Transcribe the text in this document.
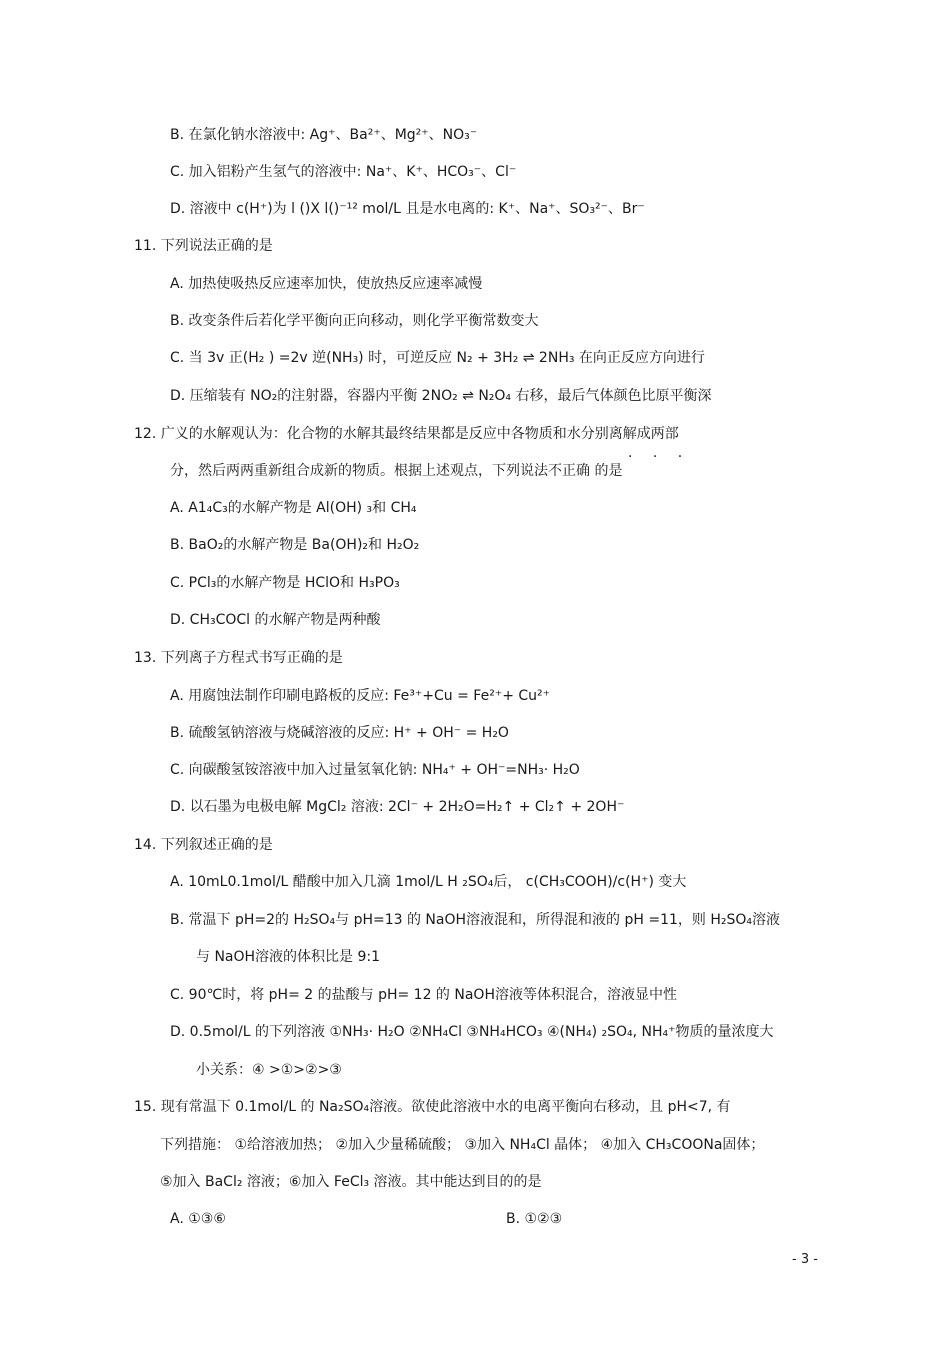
B. 在氯化钠水溶液中: Ag⁺、Ba²⁺、Mg²⁺、NO₃⁻
C. 加入铝粉产生氢气的溶液中: Na⁺、K⁺、HCO₃⁻、Cl⁻
D. 溶液中 c(H⁺)为 l ()X l()⁻¹² mol/L 且是水电离的: K⁺、Na⁺、SO₃²⁻、Br⁻
11. 下列说法正确的是
A. 加热使吸热反应速率加快，使放热反应速率减慢
B. 改变条件后若化学平衡向正向移动，则化学平衡常数变大
C. 当 3v 正(H₂ ) =2v 逆(NH₃) 时，可逆反应 N₂ + 3H₂ ⇌ 2NH₃ 在向正反应方向进行
D. 压缩装有 NO₂的注射器，容器内平衡 2NO₂ ⇌ N₂O₄ 右移，最后气体颜色比原平衡深
12. 广义的水解观认为：化合物的水解其最终结果都是反应中各物质和水分别离解成两部
分，然后两两重新组合成新的物质。根据上述观点，下列说法不正确 的是
· · ·
A. A1₄C₃的水解产物是 Al(OH) ₃和 CH₄
B. BaO₂的水解产物是 Ba(OH)₂和 H₂O₂
C. PCl₃的水解产物是 HClO和 H₃PO₃
D. CH₃COCl 的水解产物是两种酸
13. 下列离子方程式书写正确的是
A. 用腐蚀法制作印刷电路板的反应: Fe³⁺+Cu = Fe²⁺+ Cu²⁺
B. 硫酸氢钠溶液与烧碱溶液的反应: H⁺ + OH⁻ = H₂O
C. 向碳酸氢铵溶液中加入过量氢氧化钠: NH₄⁺ + OH⁻=NH₃· H₂O
D. 以石墨为电极电解 MgCl₂ 溶液: 2Cl⁻ + 2H₂O=H₂↑ + Cl₂↑ + 2OH⁻
14. 下列叙述正确的是
A. 10mL0.1mol/L 醋酸中加入几滴 1mol/L H ₂SO₄后， c(CH₃COOH)/c(H⁺) 变大
B. 常温下 pH=2的 H₂SO₄与 pH=13 的 NaOH溶液混和，所得混和液的 pH =11，则 H₂SO₄溶液
与 NaOH溶液的体积比是 9:1
C. 90℃时，将 pH= 2 的盐酸与 pH= 12 的 NaOH溶液等体积混合，溶液显中性
D. 0.5mol/L 的下列溶液 ①NH₃· H₂O ②NH₄Cl ③NH₄HCO₃ ④(NH₄) ₂SO₄, NH₄⁺物质的量浓度大
小关系：④ >①>②>③
15. 现有常温下 0.1mol/L 的 Na₂SO₄溶液。欲使此溶液中水的电离平衡向右移动，且 pH<7, 有
下列措施： ①给溶液加热； ②加入少量稀硫酸； ③加入 NH₄Cl 晶体； ④加入 CH₃COONa固体；
⑤加入 BaCl₂ 溶液；⑥加入 FeCl₃ 溶液。其中能达到目的的是
A. ①③⑥	B. ①②③
- 3 -
